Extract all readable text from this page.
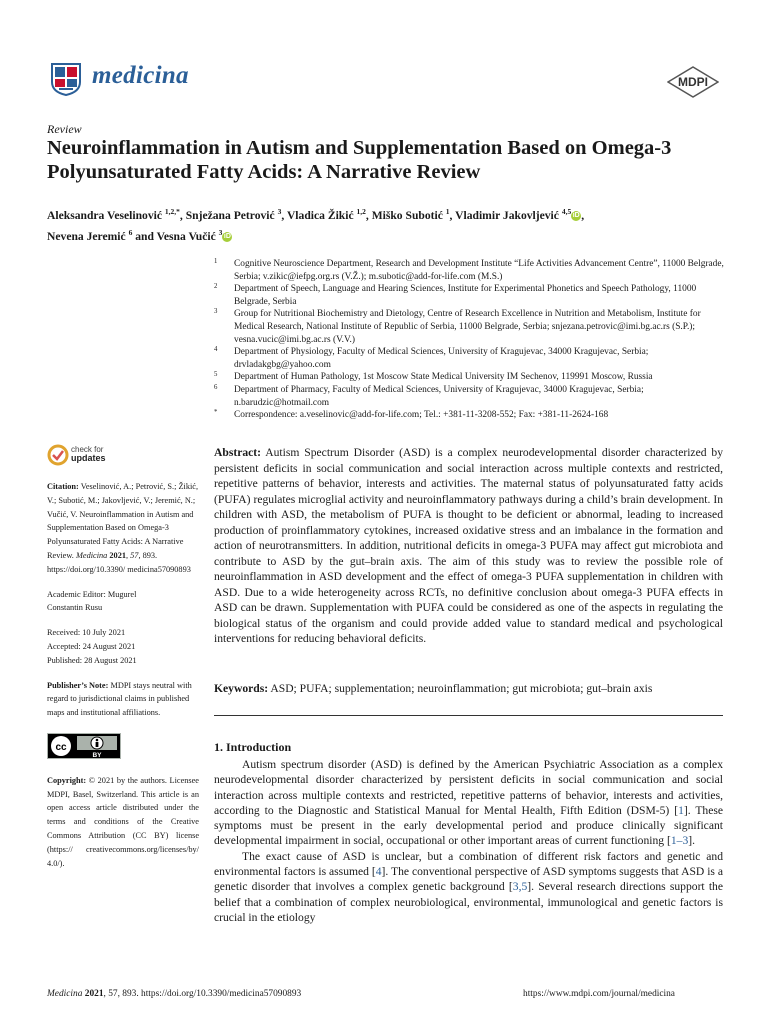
medicina	MDPI
Review
Neuroinflammation in Autism and Supplementation Based on Omega-3 Polyunsaturated Fatty Acids: A Narrative Review
Aleksandra Veselinović $^{1,2,*}$, Snježana Petrović $^3$, Vladica Žikić $^{1,2}$, Miško Subotić $^1$, Vladimir Jakovljević $^{4,5}$ iD ,
Nevena Jeremić $^6$ and Vesna Vučić $^3$ iD

1 Cognitive Neuroscience Department, Research and Development Institute “Life Activities Advancement Centre”, 11000 Belgrade, Serbia; v.zikic@iefpg.org.rs (V.Ž.); m.subotic@add-for-life.com (M.S.)

2 Department of Speech, Language and Hearing Sciences, Institute for Experimental Phonetics and Speech Pathology, 11000 Belgrade, Serbia

3 Group for Nutritional Biochemistry and Dietology, Centre of Research Excellence in Nutrition and Metabolism, Institute for Medical Research, National Institute of Republic of Serbia, 11000 Belgrade, Serbia; snjezana.petrovic@imi.bg.ac.rs (S.P.); vesna.vucic@imi.bg.ac.rs (V.V.)

4 Department of Physiology, Faculty of Medical Sciences, University of Kragujevac, 34000 Kragujevac, Serbia; drvladakgbg@yahoo.com

5 Department of Human Pathology, 1st Moscow State Medical University IM Sechenov, 119991 Moscow, Russia

6 Department of Pharmacy, Faculty of Medical Sciences, University of Kragujevac, 34000 Kragujevac, Serbia; n.barudzic@hotmail.com

* Correspondence: a.veselinovic@add-for-life.com; Tel.: +381-11-3208-552; Fax: +381-11-2624-168

check for
updates
Citation: Veselinović, A.; Petrović, S.; Žikić, V.; Subotić, M.; Jakovljević, V.; Jeremić, N.; Vučić, V. Neuroinflammation in Autism and Supplementation Based on Omega-3 Polyunsaturated Fatty Acids: A Narrative Review. Medicina 2021, 57, 893. https://doi.org/10.3390/ medicina57090893
Academic Editor: Mugurel
Constantin Rusu
Received: 10 July 2021
Accepted: 24 August 2021
Published: 28 August 2021
Publisher’s Note: MDPI stays neutral with regard to jurisdictional claims in published maps and institutional affiliations.
cc
BY
Copyright: © 2021 by the authors. Licensee MDPI, Basel, Switzerland. This article is an open access article distributed under the terms and conditions of the Creative Commons Attribution (CC BY) license (https:// creativecommons.org/licenses/by/ 4.0/).
Abstract: Autism Spectrum Disorder (ASD) is a complex neurodevelopmental disorder characterized by persistent deficits in social communication and social interaction across multiple contexts and restricted, repetitive patterns of behavior, interests and activities. The maternal status of polyunsaturated fatty acids (PUFA) regulates microglial activity and neuroinflammatory pathways during a child’s brain development. In children with ASD, the metabolism of PUFA is thought to be deficient or abnormal, leading to increased production of proinflammatory cytokines, increased oxidative stress and an imbalance in the formation and action of neurotransmitters. In addition, nutritional deficits in omega-3 PUFA may affect gut microbiota and contribute to ASD by the gut–brain axis. The aim of this study was to review the possible role of neuroinflammation in ASD development and the effect of omega-3 PUFA supplementation in children with ASD. Due to a wide heterogeneity across RCTs, no definitive conclusion about omega-3 PUFA effects in ASD can be drawn. Supplementation with PUFA could be considered as one of the aspects in regulating the biological status of the organism and could provide added value to standard medical and psychological interventions for reducing behavioral deficits.
Keywords: ASD; PUFA; supplementation; neuroinflammation; gut microbiota; gut–brain axis
1. Introduction

Autism spectrum disorder (ASD) is defined by the American Psychiatric Association as a complex neurodevelopmental disorder characterized by persistent deficits in social communication and social interaction across multiple contexts and restricted, repetitive patterns of behavior, interests and activities, according to the Diagnostic and Statistical Manual for Mental Health, Fifth Edition (DSM-5) [1]. These symptoms must be present in the early developmental period and produce clinically significant developmental impairment in social, occupational or other important areas of current functioning [1–3].

The exact cause of ASD is unclear, but a combination of different risk factors and genetic and environmental factors is assumed [4]. The conventional perspective of ASD symptoms suggests that ASD is a genetic disorder that involves a complex genetic background [3,5]. Several research directions support the belief that a combination of complex neurobiological, environmental, immunological and genetic factors is crucial in the etiology

Medicina 2021, 57, 893. https://doi.org/10.3390/medicina57090893	https://www.mdpi.com/journal/medicina
